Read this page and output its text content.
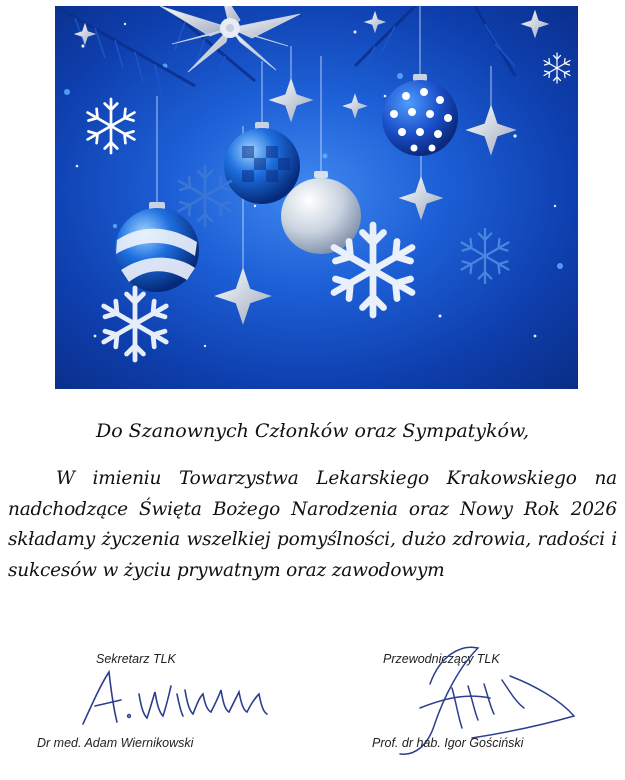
Do Szanownych Członków oraz Sympatyków,

W imieniu Towarzystwa Lekarskiego Krakowskiego na nadchodzące Święta Bożego Narodzenia oraz Nowy Rok 2026 składamy życzenia wszelkiej pomyślności, dużo zdrowia, radości i sukcesów w życiu prywatnym oraz zawodowym

Sekretarz TLK
Dr med. Adam Wiernikowski
Przewodniczący TLK
Prof. dr hab. Igor Gościński
